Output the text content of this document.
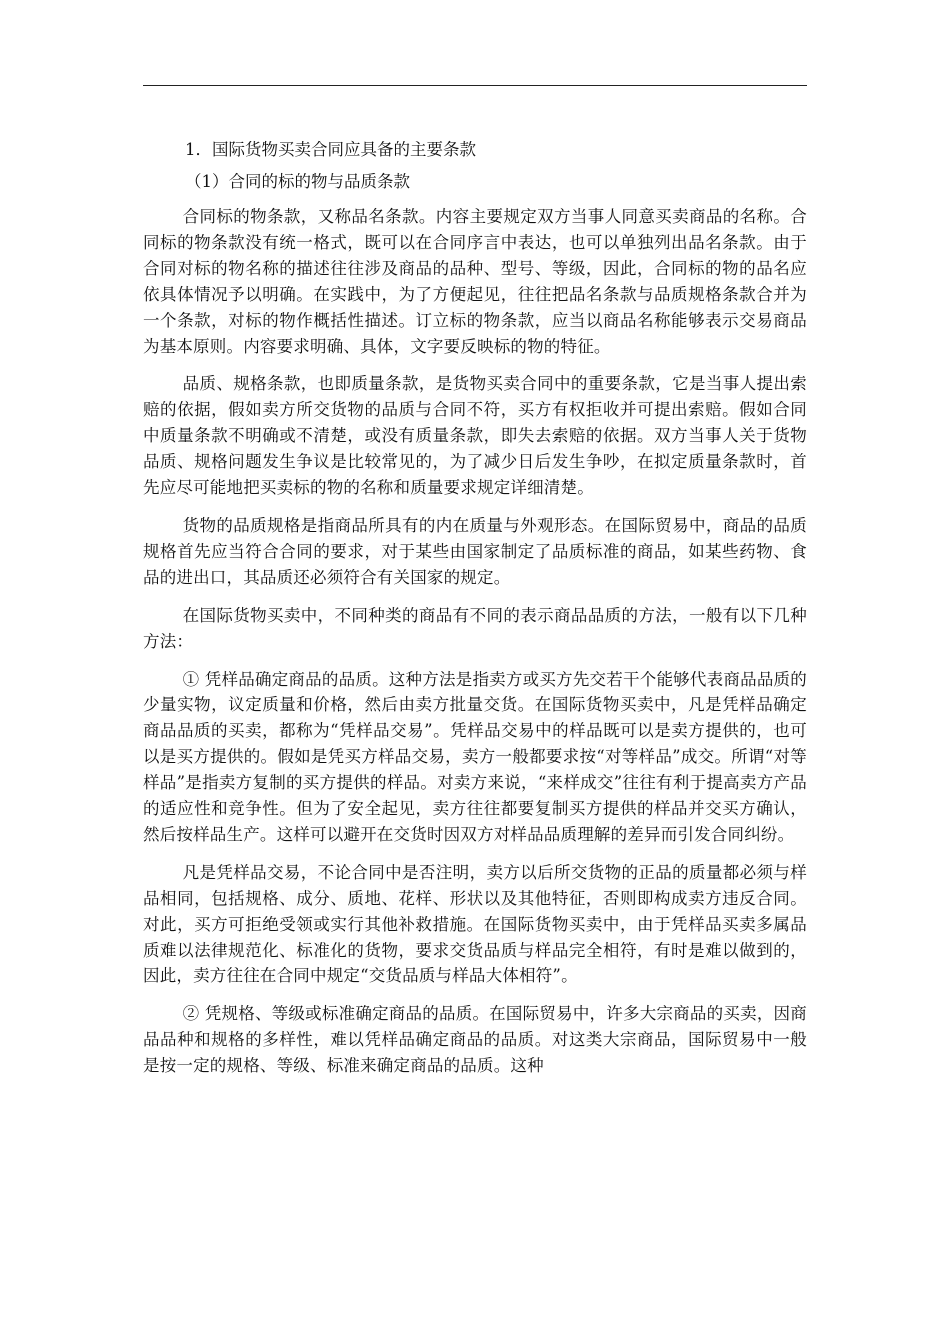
1．国际货物买卖合同应具备的主要条款
（1）合同的标的物与品质条款

合同标的物条款，又称品名条款。内容主要规定双方当事人同意买卖商品的名称。合同标的物条款没有统一格式，既可以在合同序言中表达，也可以单独列出品名条款。由于合同对标的物名称的描述往往涉及商品的品种、型号、等级，因此，合同标的物的品名应依具体情况予以明确。在实践中，为了方便起见，往往把品名条款与品质规格条款合并为一个条款，对标的物作概括性描述。订立标的物条款，应当以商品名称能够表示交易商品为基本原则。内容要求明确、具体，文字要反映标的物的特征。

品质、规格条款，也即质量条款，是货物买卖合同中的重要条款，它是当事人提出索赔的依据，假如卖方所交货物的品质与合同不符，买方有权拒收并可提出索赔。假如合同中质量条款不明确或不清楚，或没有质量条款，即失去索赔的依据。双方当事人关于货物品质、规格问题发生争议是比较常见的，为了减少日后发生争吵，在拟定质量条款时，首先应尽可能地把买卖标的物的名称和质量要求规定详细清楚。

货物的品质规格是指商品所具有的内在质量与外观形态。在国际贸易中，商品的品质规格首先应当符合合同的要求，对于某些由国家制定了品质标准的商品，如某些药物、食品的进出口，其品质还必须符合有关国家的规定。

在国际货物买卖中，不同种类的商品有不同的表示商品品质的方法，一般有以下几种方法：

① 凭样品确定商品的品质。这种方法是指卖方或买方先交若干个能够代表商品品质的少量实物，议定质量和价格，然后由卖方批量交货。在国际货物买卖中，凡是凭样品确定商品品质的买卖，都称为“凭样品交易”。凭样品交易中的样品既可以是卖方提供的，也可以是买方提供的。假如是凭买方样品交易，卖方一般都要求按“对等样品”成交。所谓“对等样品”是指卖方复制的买方提供的样品。对卖方来说，“来样成交”往往有利于提高卖方产品的适应性和竞争性。但为了安全起见，卖方往往都要复制买方提供的样品并交买方确认，然后按样品生产。这样可以避开在交货时因双方对样品品质理解的差异而引发合同纠纷。

凡是凭样品交易，不论合同中是否注明，卖方以后所交货物的正品的质量都必须与样品相同，包括规格、成分、质地、花样、形状以及其他特征，否则即构成卖方违反合同。对此，买方可拒绝受领或实行其他补救措施。在国际货物买卖中，由于凭样品买卖多属品质难以法律规范化、标准化的货物，要求交货品质与样品完全相符，有时是难以做到的，因此，卖方往往在合同中规定“交货品质与样品大体相符”。

② 凭规格、等级或标准确定商品的品质。在国际贸易中，许多大宗商品的买卖，因商品品种和规格的多样性，难以凭样品确定商品的品质。对这类大宗商品，国际贸易中一般是按一定的规格、等级、标准来确定商品的品质。这种
